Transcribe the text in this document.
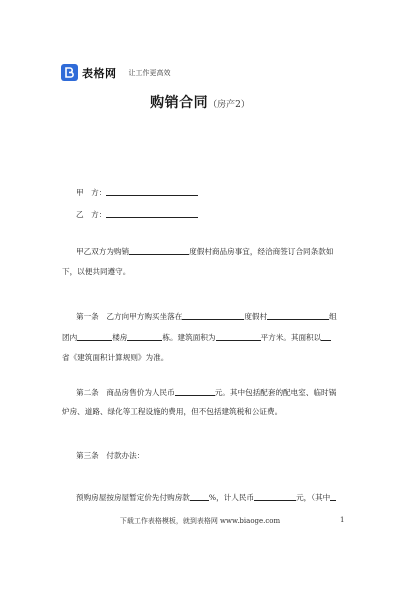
表格网 让工作更高效
购销合同（房产2）
甲　方：
乙　方：
甲乙双方为购销	度假村商品房事宜，经洽商签订合同条款如
下，以便共同遵守。
第一条　乙方向甲方购买坐落在	度假村	组
团内	楼房	栋。建筑面积为	平方米。其面积以
省《建筑面积计算规则》为准。
第二条　商品房售价为人民币	元。其中包括配套的配电室、临时锅
炉房、道路、绿化等工程设施的费用，但不包括建筑税和公证费。
第三条　付款办法：
预购房屋按房屋暂定价先付购房款	%，计人民币	元，（其中
下载工作表格模板，就到表格网 www.biaoge.com	1
